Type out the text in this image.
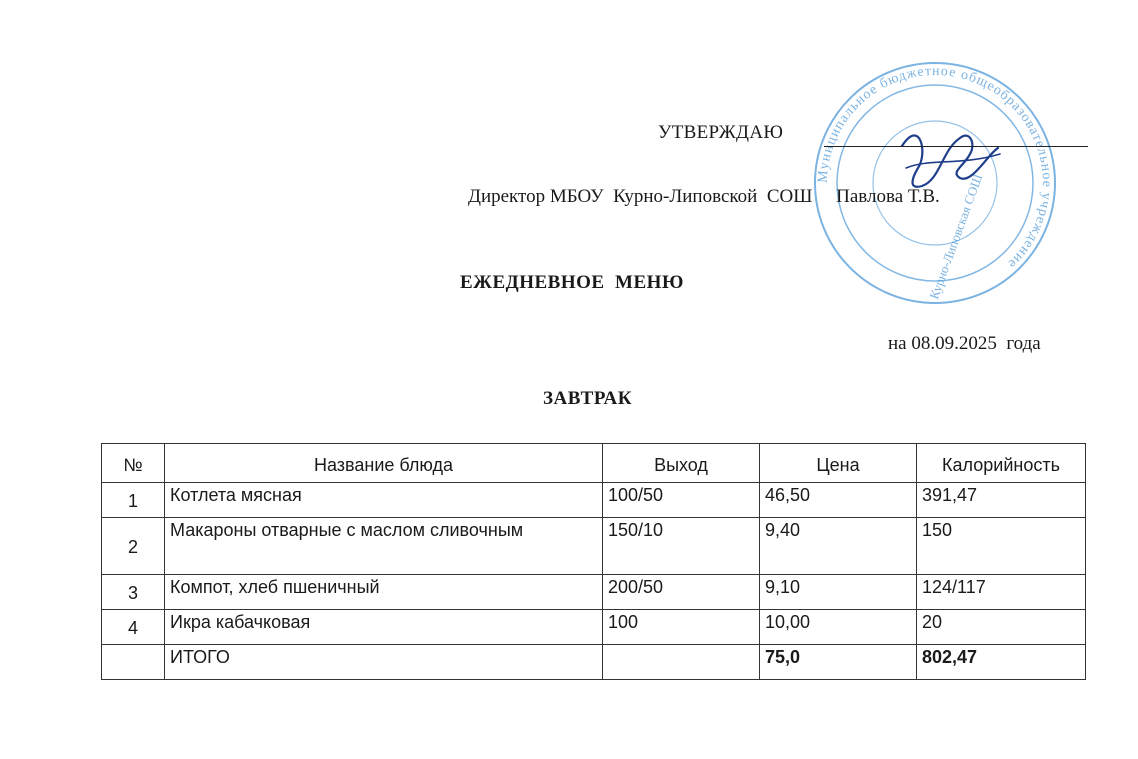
Муниципальное бюджетное общеобразовательное учреждение
Курно-Липовская СОШ
УТВЕРЖДАЮ
Директор МБОУ  Курно-Липовской  СОШ     Павлова Т.В.
ЕЖЕДНЕВНОЕ  МЕНЮ
на 08.09.2025  года
ЗАВТРАК
№	Название блюда	Выход	Цена	Калорийность
1	Котлета мясная	100/50	46,50	391,47
2	Макароны отварные с маслом сливочным	150/10	9,40	150
3	Компот, хлеб пшеничный	200/50	9,10	124/117
4	Икра кабачковая	100	10,00	20
	ИТОГО		75,0	802,47
